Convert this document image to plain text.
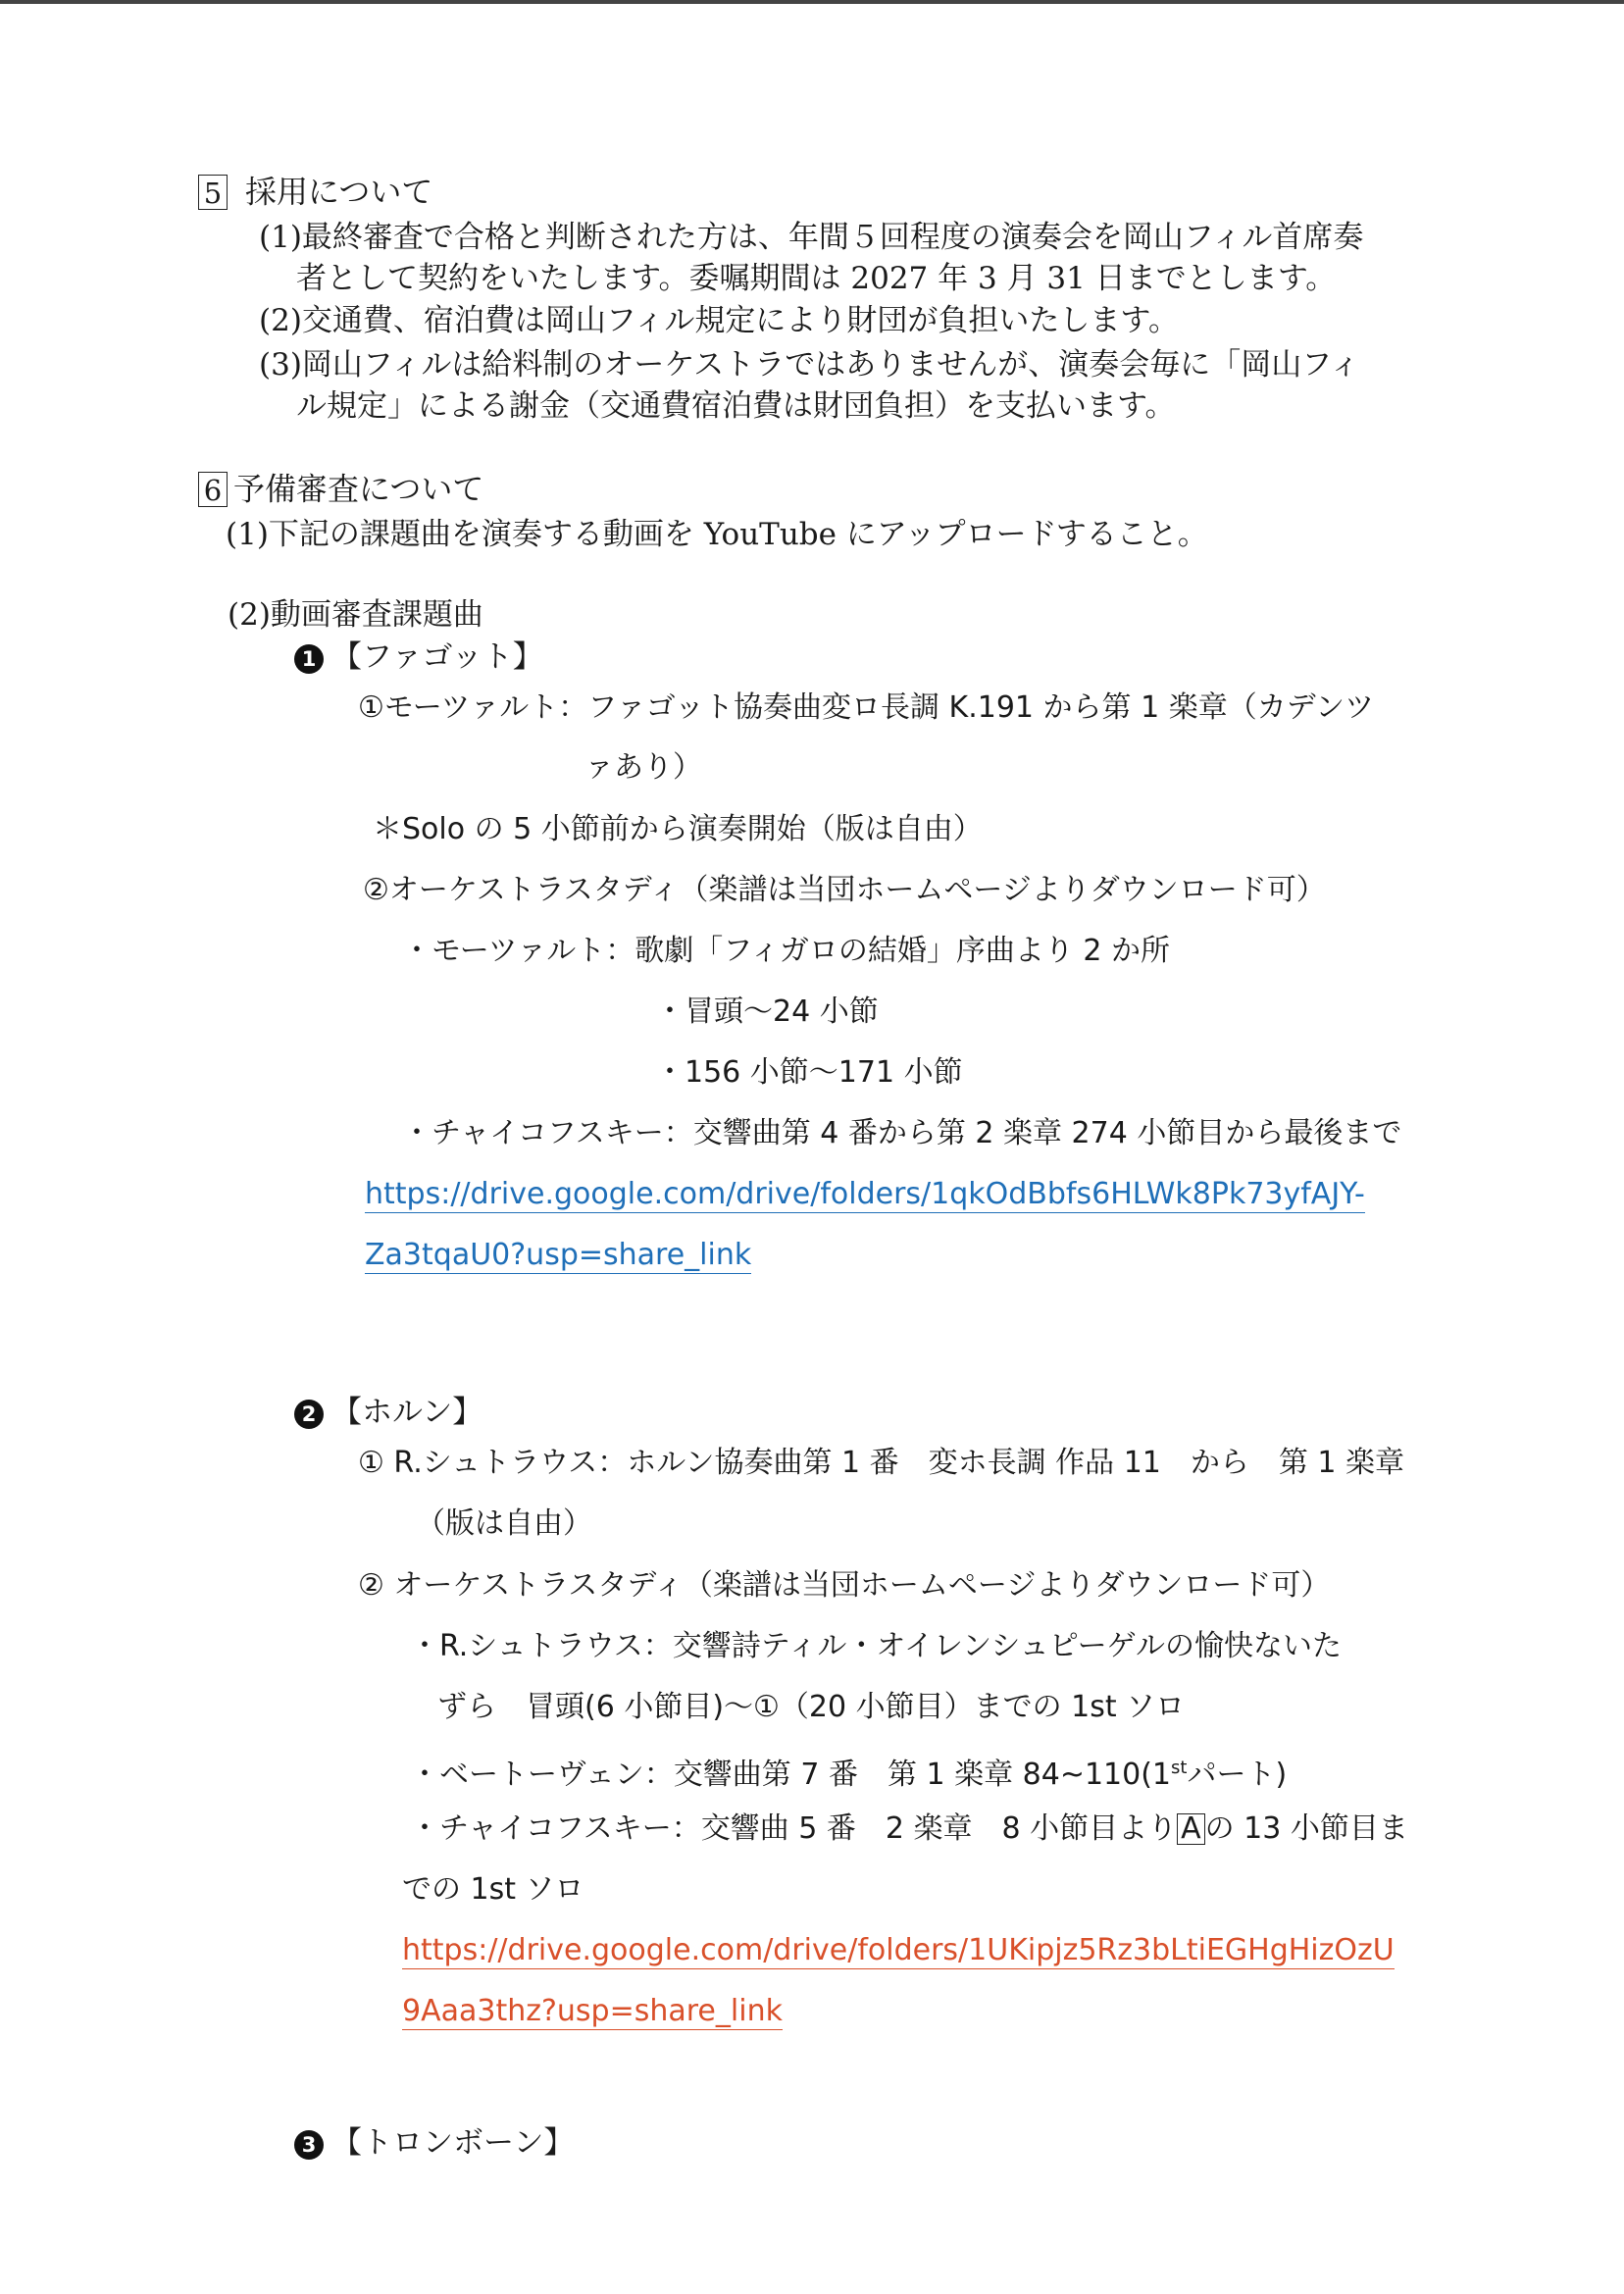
5 採用について
(1)最終審査で合格と判断された方は、年間５回程度の演奏会を岡山フィル首席奏
者として契約をいたします。委嘱期間は 2027 年 3 月 31 日までとします。
(2)交通費、宿泊費は岡山フィル規定により財団が負担いたします。
(3)岡山フィルは給料制のオーケストラではありませんが、演奏会毎に「岡山フィ
ル規定」による謝金（交通費宿泊費は財団負担）を支払います。
6 予備審査について
(1)下記の課題曲を演奏する動画を YouTube にアップロードすること。
(2)動画審査課題曲
1 【ファゴット】
①モーツァルト：ファゴット協奏曲変ロ長調 K.191 から第 1 楽章（カデンツ
ァあり）
＊Solo の 5 小節前から演奏開始（版は自由）
②オーケストラスタディ（楽譜は当団ホームページよりダウンロード可）
・モーツァルト：歌劇「フィガロの結婚」序曲より 2 か所
・冒頭～24 小節
・156 小節～171 小節
・チャイコフスキー：交響曲第 4 番から第 2 楽章 274 小節目から最後まで
https://drive.google.com/drive/folders/1qkOdBbfs6HLWk8Pk73yfAJY-
Za3tqaU0?usp=share_link
2 【ホルン】
① R.シュトラウス：ホルン協奏曲第 1 番　変ホ長調 作品 11　から　第 1 楽章
（版は自由）
② オーケストラスタディ（楽譜は当団ホームページよりダウンロード可）
・R.シュトラウス：交響詩ティル・オイレンシュピーゲルの愉快ないた
ずら　冒頭(6 小節目)～①（20 小節目）までの 1st ソロ
・ベートーヴェン：交響曲第 7 番　第 1 楽章 84~110(1stパート)
・チャイコフスキー：交響曲 5 番　2 楽章　8 小節目より A の 13 小節目ま
での 1st ソロ
https://drive.google.com/drive/folders/1UKipjz5Rz3bLtiEGHgHizOzU
9Aaa3thz?usp=share_link
3 【トロンボーン】
